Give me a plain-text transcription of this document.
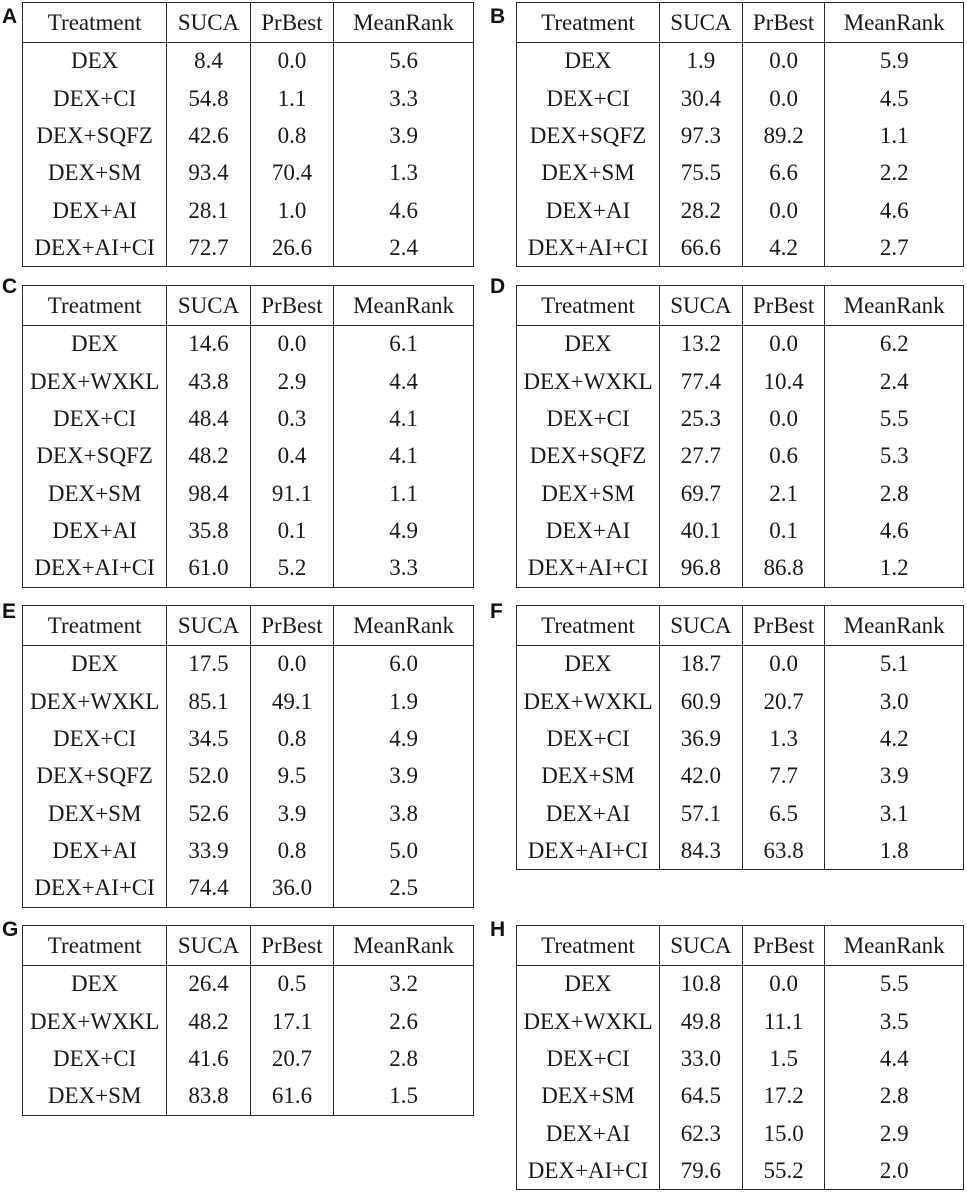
A Treatment	SUCA	PrBest	MeanRank
DEX	8.4	0.0	5.6
DEX+CI	54.8	1.1	3.3
DEX+SQFZ	42.6	0.8	3.9
DEX+SM	93.4	70.4	1.3
DEX+AI	28.1	1.0	4.6
DEX+AI+CI	72.7	26.6	2.4
B Treatment	SUCA	PrBest	MeanRank
DEX	1.9	0.0	5.9
DEX+CI	30.4	0.0	4.5
DEX+SQFZ	97.3	89.2	1.1
DEX+SM	75.5	6.6	2.2
DEX+AI	28.2	0.0	4.6
DEX+AI+CI	66.6	4.2	2.7
C
Treatment	SUCA	PrBest	MeanRank
DEX	14.6	0.0	6.1
DEX+WXKL	43.8	2.9	4.4
DEX+CI	48.4	0.3	4.1
DEX+SQFZ	48.2	0.4	4.1
DEX+SM	98.4	91.1	1.1
DEX+AI	35.8	0.1	4.9
DEX+AI+CI	61.0	5.2	3.3
D
Treatment	SUCA	PrBest	MeanRank
DEX	13.2	0.0	6.2
DEX+WXKL	77.4	10.4	2.4
DEX+CI	25.3	0.0	5.5
DEX+SQFZ	27.7	0.6	5.3
DEX+SM	69.7	2.1	2.8
DEX+AI	40.1	0.1	4.6
DEX+AI+CI	96.8	86.8	1.2
E
Treatment	SUCA	PrBest	MeanRank
DEX	17.5	0.0	6.0
DEX+WXKL	85.1	49.1	1.9
DEX+CI	34.5	0.8	4.9
DEX+SQFZ	52.0	9.5	3.9
DEX+SM	52.6	3.9	3.8
DEX+AI	33.9	0.8	5.0
DEX+AI+CI	74.4	36.0	2.5
F
Treatment	SUCA	PrBest	MeanRank
DEX	18.7	0.0	5.1
DEX+WXKL	60.9	20.7	3.0
DEX+CI	36.9	1.3	4.2
DEX+SM	42.0	7.7	3.9
DEX+AI	57.1	6.5	3.1
DEX+AI+CI	84.3	63.8	1.8
G
Treatment	SUCA	PrBest	MeanRank
DEX	26.4	0.5	3.2
DEX+WXKL	48.2	17.1	2.6
DEX+CI	41.6	20.7	2.8
DEX+SM	83.8	61.6	1.5
H
Treatment	SUCA	PrBest	MeanRank
DEX	10.8	0.0	5.5
DEX+WXKL	49.8	11.1	3.5
DEX+CI	33.0	1.5	4.4
DEX+SM	64.5	17.2	2.8
DEX+AI	62.3	15.0	2.9
DEX+AI+CI	79.6	55.2	2.0
